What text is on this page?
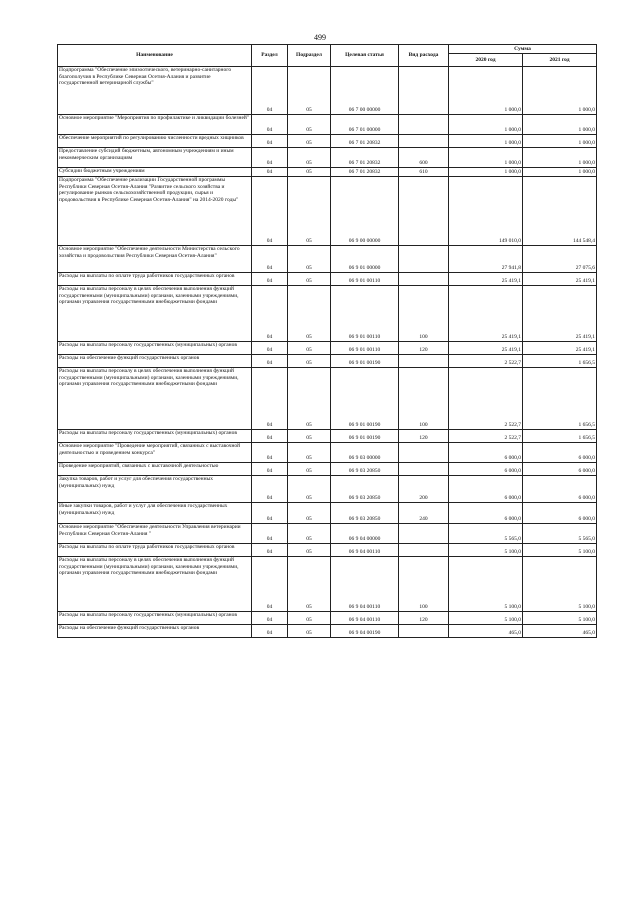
499
Наименование	Раздел	Подраздел	Целевая статья	Вид расхода	Сумма	
					2020 год	2021 год
Подпрограмма "Обеспечение эпизоотического, ветеринарно-санитарного благополучия в Республике Северная Осетия-Алания и развитие государственной ветеринарной службы"	04	05	06 7 00 00000		1 000,0	1 000,0
Основное мероприятие "Мероприятия по профилактике и ликвидации болезней"	04	05	06 7 01 00000		1 000,0	1 000,0
Обеспечение мероприятий по регулированию численности вредных хищников	04	05	06 7 01 20832		1 000,0	1 000,0
Предоставление субсидий бюджетным, автономным учреждениям и иным некоммерческим организациям	04	05	06 7 01 20832	600	1 000,0	1 000,0
Субсидии бюджетным учреждениям	04	05	06 7 01 20832	610	1 000,0	1 000,0
Подпрограмма "Обеспечение реализации Государственной программы Республики Северная Осетия-Алания "Развитие сельского хозяйства и регулирование рынков сельскохозяйственной продукции, сырья и продовольствия в Республике Северная Осетия-Алания" на 2014-2020 годы"	04	05	06 9 00 00000		149 010,0	144 548,4
Основное мероприятие "Обеспечение деятельности Министерства сельского хозяйства и продовольствия Республики Северная Осетия-Алания"	04	05	06 9 01 00000		27 941,8	27 075,6
Расходы на выплаты по оплате труда работников государственных органов	04	05	06 9 01 00110		25 419,1	25 419,1
Расходы на выплаты персоналу в целях обеспечения выполнения функций государственными (муниципальными) органами, казенными учреждениями, органами управления государственными внебюджетными фондами	04	05	06 9 01 00110	100	25 419,1	25 419,1
Расходы на выплаты персоналу государственных (муниципальных) органов	04	05	06 9 01 00110	120	25 419,1	25 419,1
Расходы на обеспечение функций государственных органов	04	05	06 9 01 00190		2 522,7	1 656,5
Расходы на выплаты персоналу в целях обеспечения выполнения функций государственными (муниципальными) органами, казенными учреждениями, органами управления государственными внебюджетными фондами	04	05	06 9 01 00190	100	2 522,7	1 656,5
Расходы на выплаты персоналу государственных (муниципальных) органов	04	05	06 9 01 00190	120	2 522,7	1 656,5
Основное мероприятие "Проведение мероприятий, связанных с выставочной деятельностью и проведением конкурса"	04	05	06 9 03 00000		6 000,0	6 000,0
Проведение мероприятий, связанных с выставочной деятельностью	04	05	06 9 03 20850		6 000,0	6 000,0
Закупка товаров, работ и услуг для обеспечения государственных (муниципальных) нужд	04	05	06 9 03 20850	200	6 000,0	6 000,0
Иные закупки товаров, работ и услуг для обеспечения государственных (муниципальных) нужд	04	05	06 9 03 20850	240	6 000,0	6 000,0
Основное мероприятие "Обеспечение деятельности Управления ветеринарии Республики Северная Осетия-Алания "	04	05	06 9 04 00000		5 565,0	5 565,0
Расходы на выплаты по оплате труда работников государственных органов	04	05	06 9 04 00110		5 100,0	5 100,0
Расходы на выплаты персоналу в целях обеспечения выполнения функций государственными (муниципальными) органами, казенными учреждениями, органами управления государственными внебюджетными фондами	04	05	06 9 04 00110	100	5 100,0	5 100,0
Расходы на выплаты персоналу государственных (муниципальных) органов	04	05	06 9 04 00110	120	5 100,0	5 100,0
Расходы на обеспечение функций государственных органов	04	05	06 9 04 00190		465,0	465,0
